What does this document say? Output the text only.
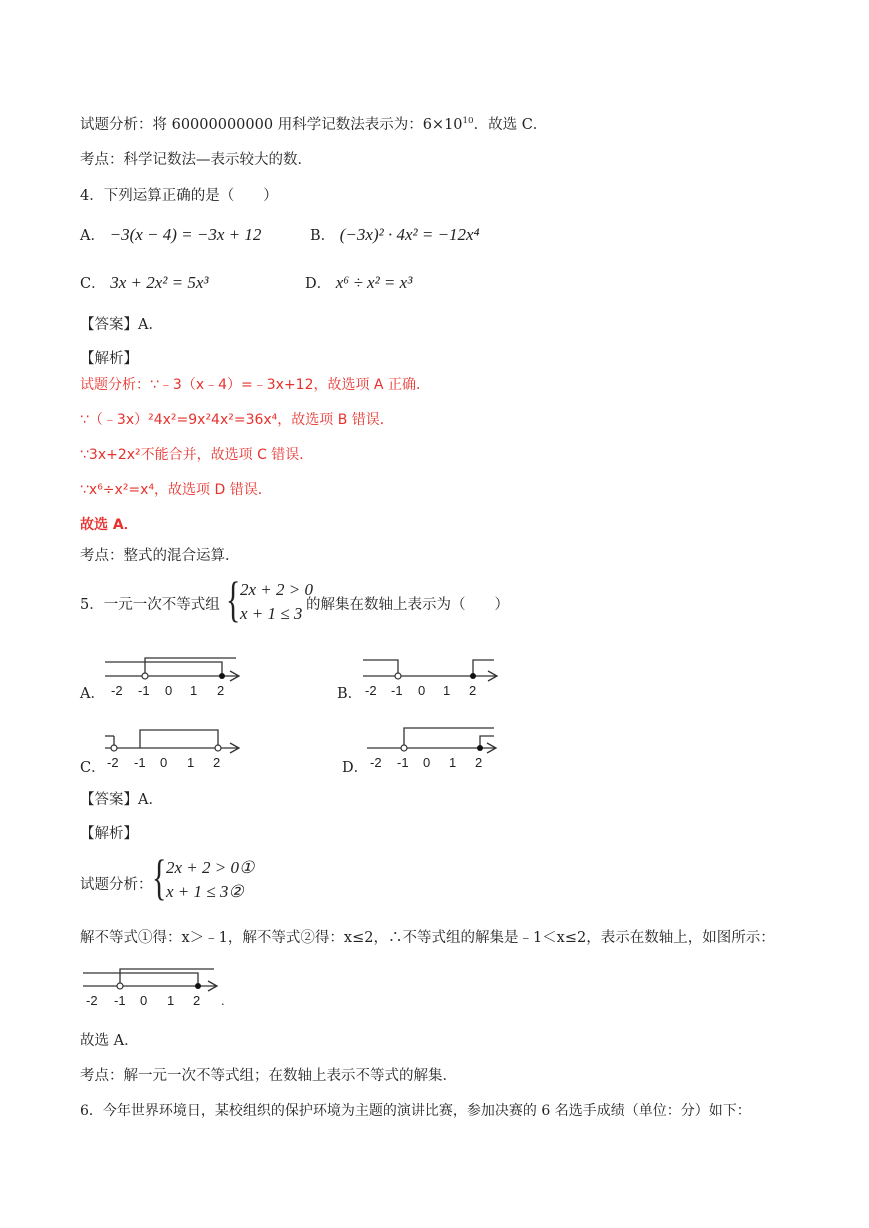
试题分析：将 60000000000 用科学记数法表示为：$6\times 10^{10}$．故选 C．
考点：科学记数法—表示较大的数．
4．下列运算正确的是（　　）
A． −3(x − 4) = −3x + 12	B． (−3x)² · 4x² = −12x⁴
C． 3x + 2x² = 5x³	D． x⁶ ÷ x² = x³
【答案】A．
【解析】
试题分析：∵﹣3（x﹣4）=﹣3x+12，故选项 A 正确．
∵（﹣3x）²4x²=9x²4x²=36x⁴，故选项 B 错误．
∵3x+2x²不能合并，故选项 C 错误．
∵x⁶÷x²=x⁴，故选项 D 错误．
故选 A．
考点：整式的混合运算．
5．一元一次不等式组 { 2x + 2 > 0
x + 1 ≤ 3 的解集在数轴上表示为（　　）
A． -2 -1 0 1 2	B． -2 -1 0 1 2
C． -2 -1 0 1 2	D． -2 -1 0 1 2
【答案】A．
【解析】
试题分析： { 2x + 2 > 0①
x + 1 ≤ 3②
解不等式①得：x＞﹣1，解不等式②得：x≤2，∴不等式组的解集是﹣1＜x≤2，表示在数轴上，如图所示：
-2 -1 0 1 2 .
故选 A．
考点：解一元一次不等式组；在数轴上表示不等式的解集．
6．今年世界环境日，某校组织的保护环境为主题的演讲比赛，参加决赛的 6 名选手成绩（单位：分）如下：
